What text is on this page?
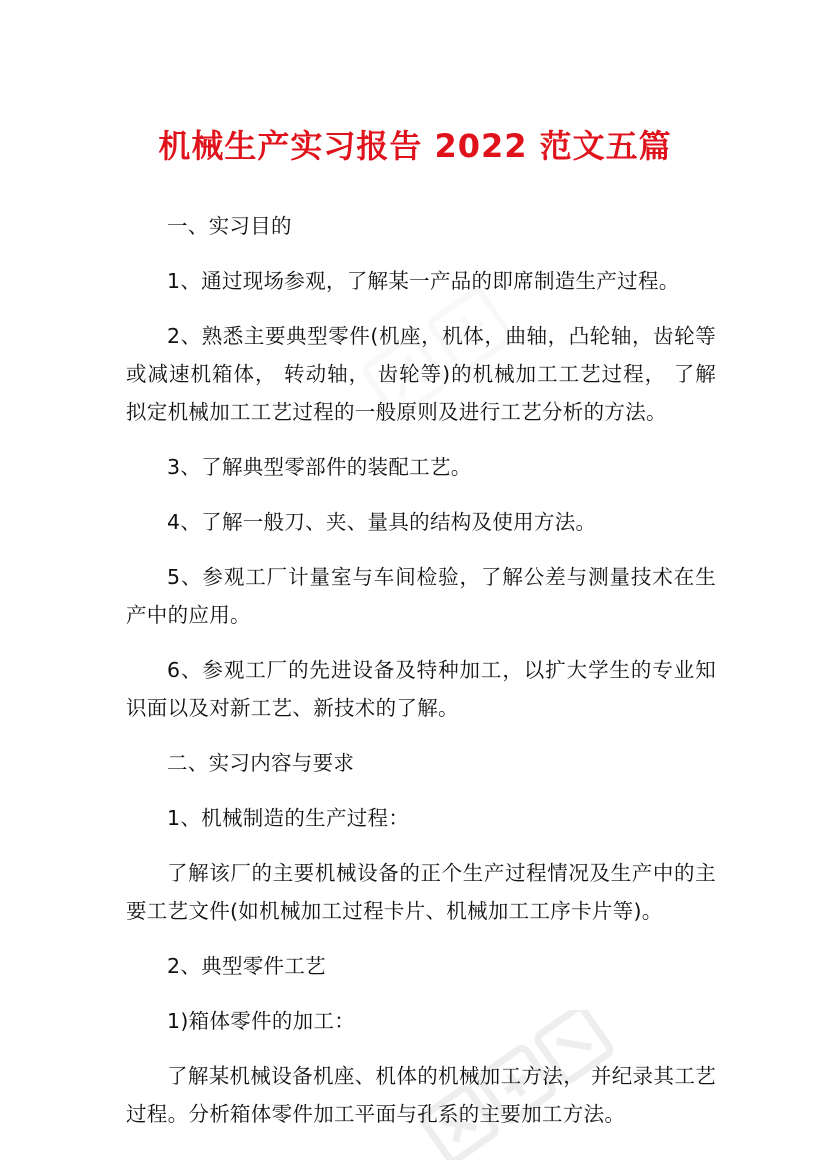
机械生产实习报告 2022 范文五篇

一、实习目的

1、通过现场参观，了解某一产品的即席制造生产过程。

2、熟悉主要典型零件(机座，机体，曲轴，凸轮轴，齿轮等或减速机箱体， 转动轴， 齿轮等)的机械加工工艺过程， 了解拟定机械加工工艺过程的一般原则及进行工艺分析的方法。

3、了解典型零部件的装配工艺。

4、了解一般刀、夹、量具的结构及使用方法。

5、参观工厂计量室与车间检验，了解公差与测量技术在生产中的应用。

6、参观工厂的先进设备及特种加工，以扩大学生的专业知识面以及对新工艺、新技术的了解。

二、实习内容与要求

1、机械制造的生产过程：

了解该厂的主要机械设备的正个生产过程情况及生产中的主要工艺文件(如机械加工过程卡片、机械加工工序卡片等)。

2、典型零件工艺

1)箱体零件的加工：

了解某机械设备机座、机体的机械加工方法， 并纪录其工艺过程。分析箱体零件加工平面与孔系的主要加工方法。
